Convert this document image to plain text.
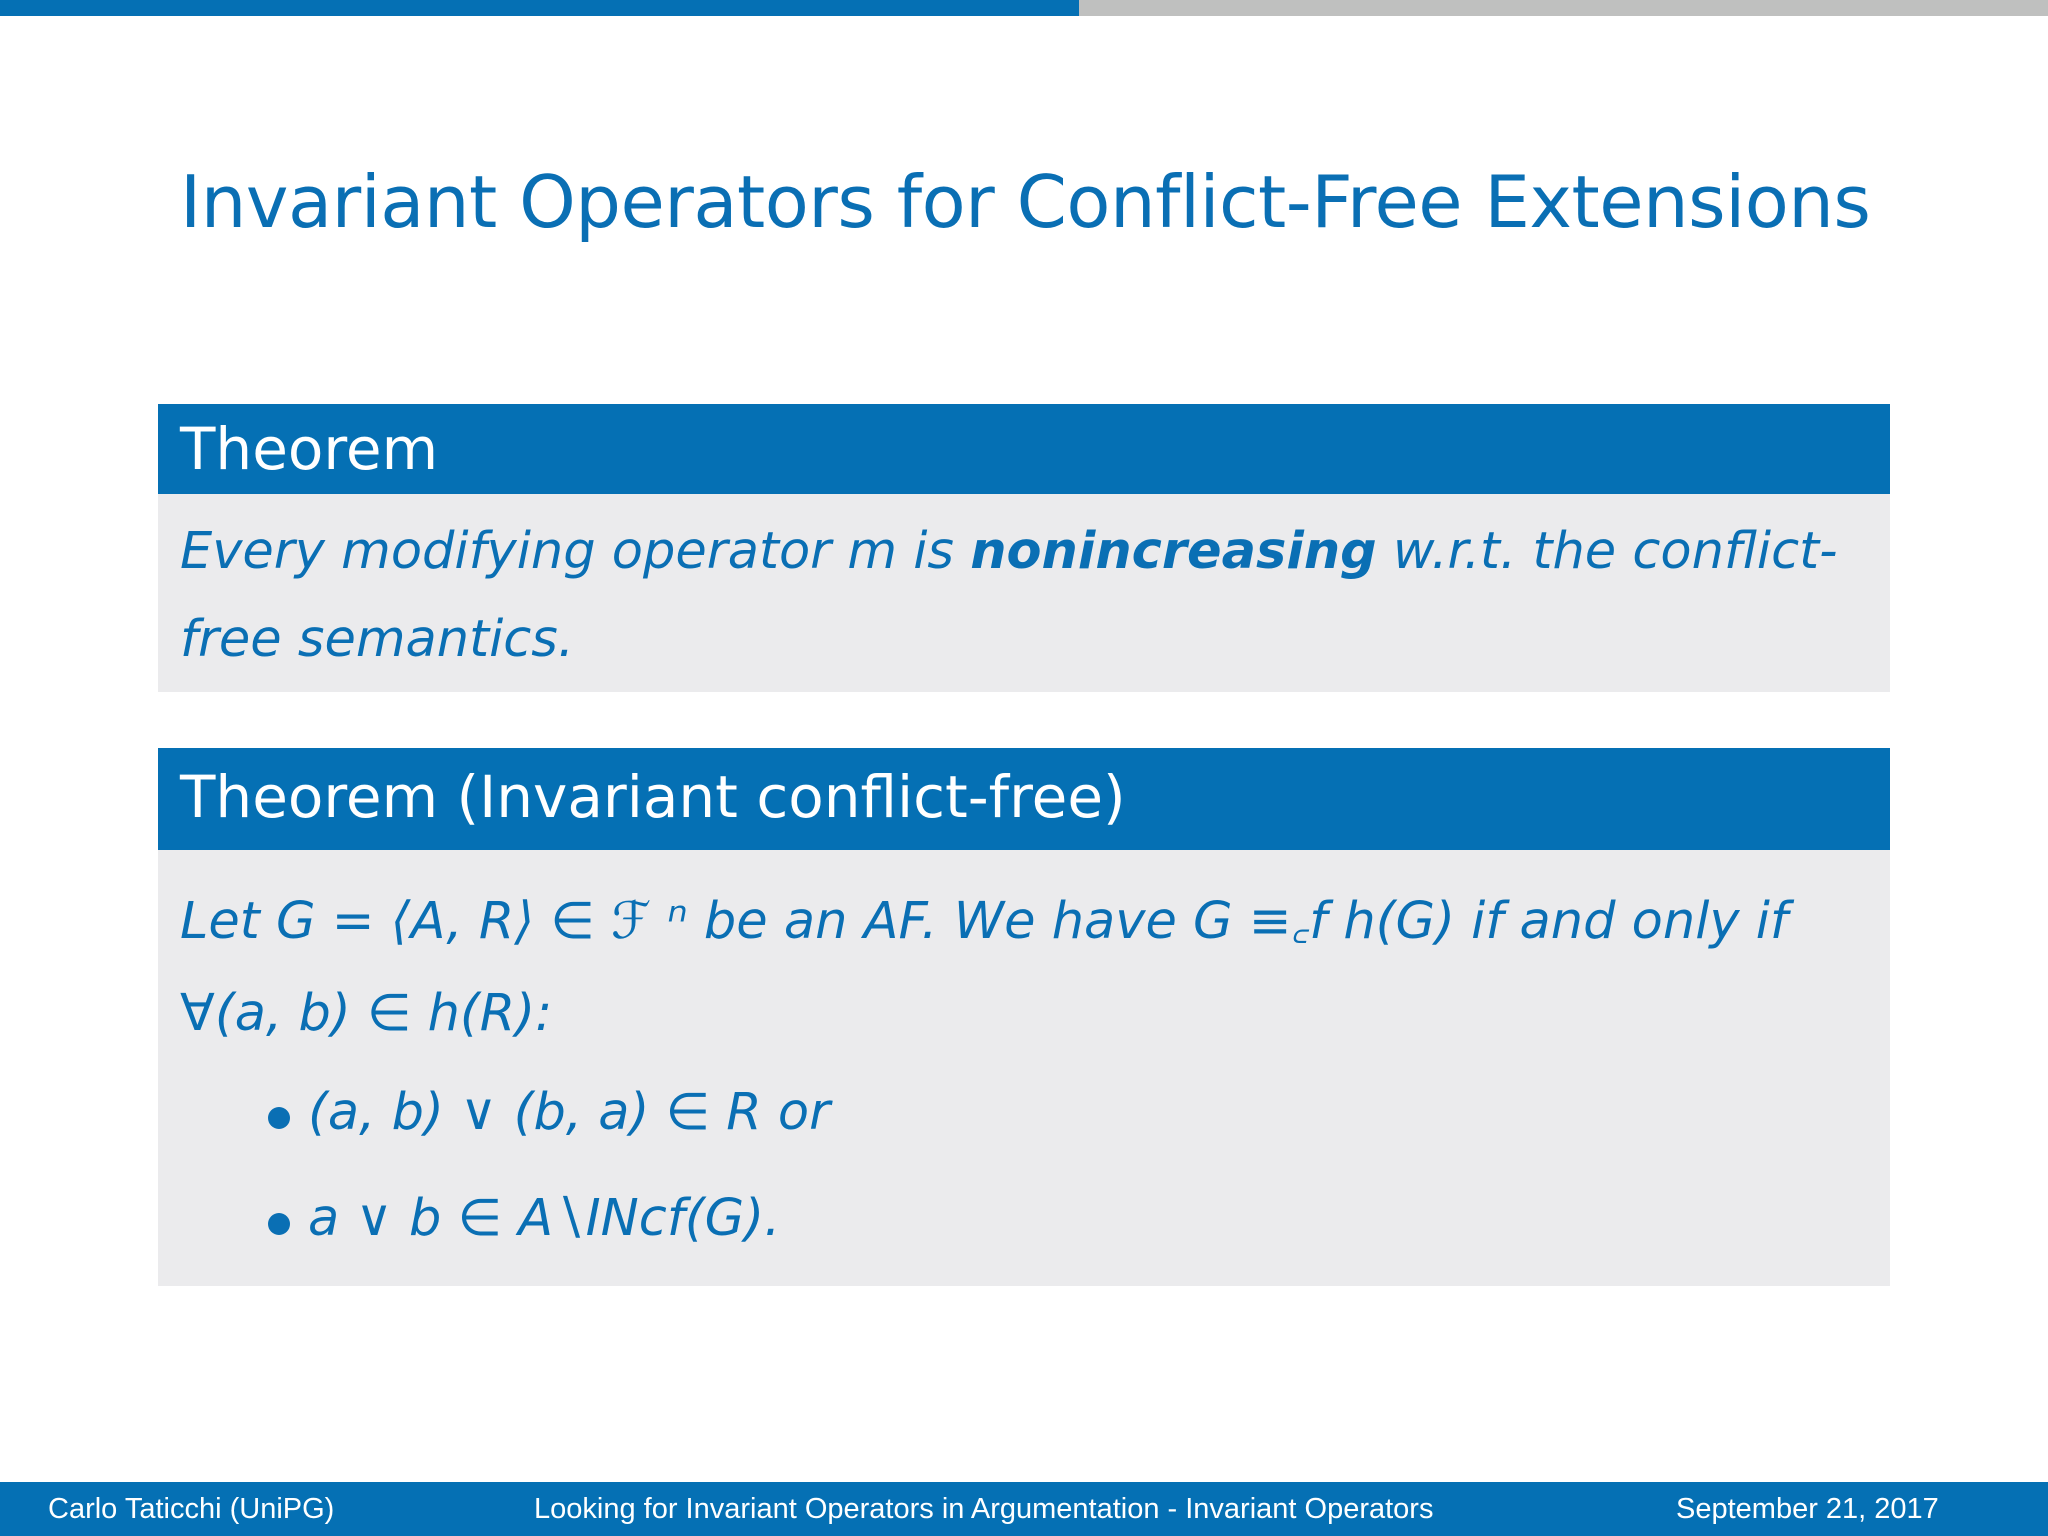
Invariant Operators for Conflict-Free Extensions
Theorem
Every modifying operator m is nonincreasing w.r.t. the conflict-free semantics.
Theorem (Invariant conflict-free)
Let G = ⟨A, R⟩ ∈ ℱ ⁿ be an AF. We have G ≡꜀f h(G) if and only if
∀(a, b) ∈ h(R):
(a, b) ∨ (b, a) ∈ R or
a ∨ b ∈ A∖INcf(G).
Carlo Taticchi (UniPG)	Looking for Invariant Operators in Argumentation - Invariant Operators	September 21, 2017
